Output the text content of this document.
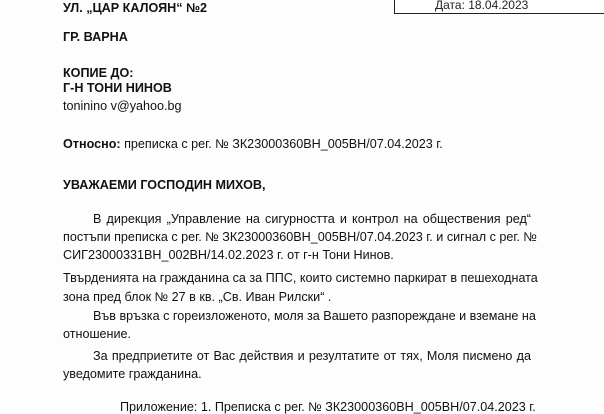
Дата: 18.04.2023
УЛ. „ЦАР КАЛОЯН“ №2
ГР. ВАРНА
КОПИЕ ДО:
Г-Н ТОНИ НИНОВ
toninino v@yahoo.bg
Относно: преписка с рег. № ЗК23000360ВН_005ВН/07.04.2023 г.
УВАЖАЕМИ ГОСПОДИН МИХОВ,
В дирекция „Управление на сигурността и контрол на обществения ред“
постъпи преписка с рег. № ЗК23000360ВН_005ВН/07.04.2023 г. и сигнал с рег. №
СИГ23000331ВН_002ВН/14.02.2023 г. от г-н Тони Нинов.
Твърденията на гражданина са за ППС, които системно паркират в пешеходната
зона пред блок № 27 в кв. „Св. Иван Рилски“ .
Във връзка с гореизложеното, моля за Вашето разпореждане и вземане на
отношение.
За предприетите от Вас действия и резултатите от тях, Моля писмено да
уведомите гражданина.
Приложение: 1. Преписка с рег. № ЗК23000360ВН_005ВН/07.04.2023 г.
